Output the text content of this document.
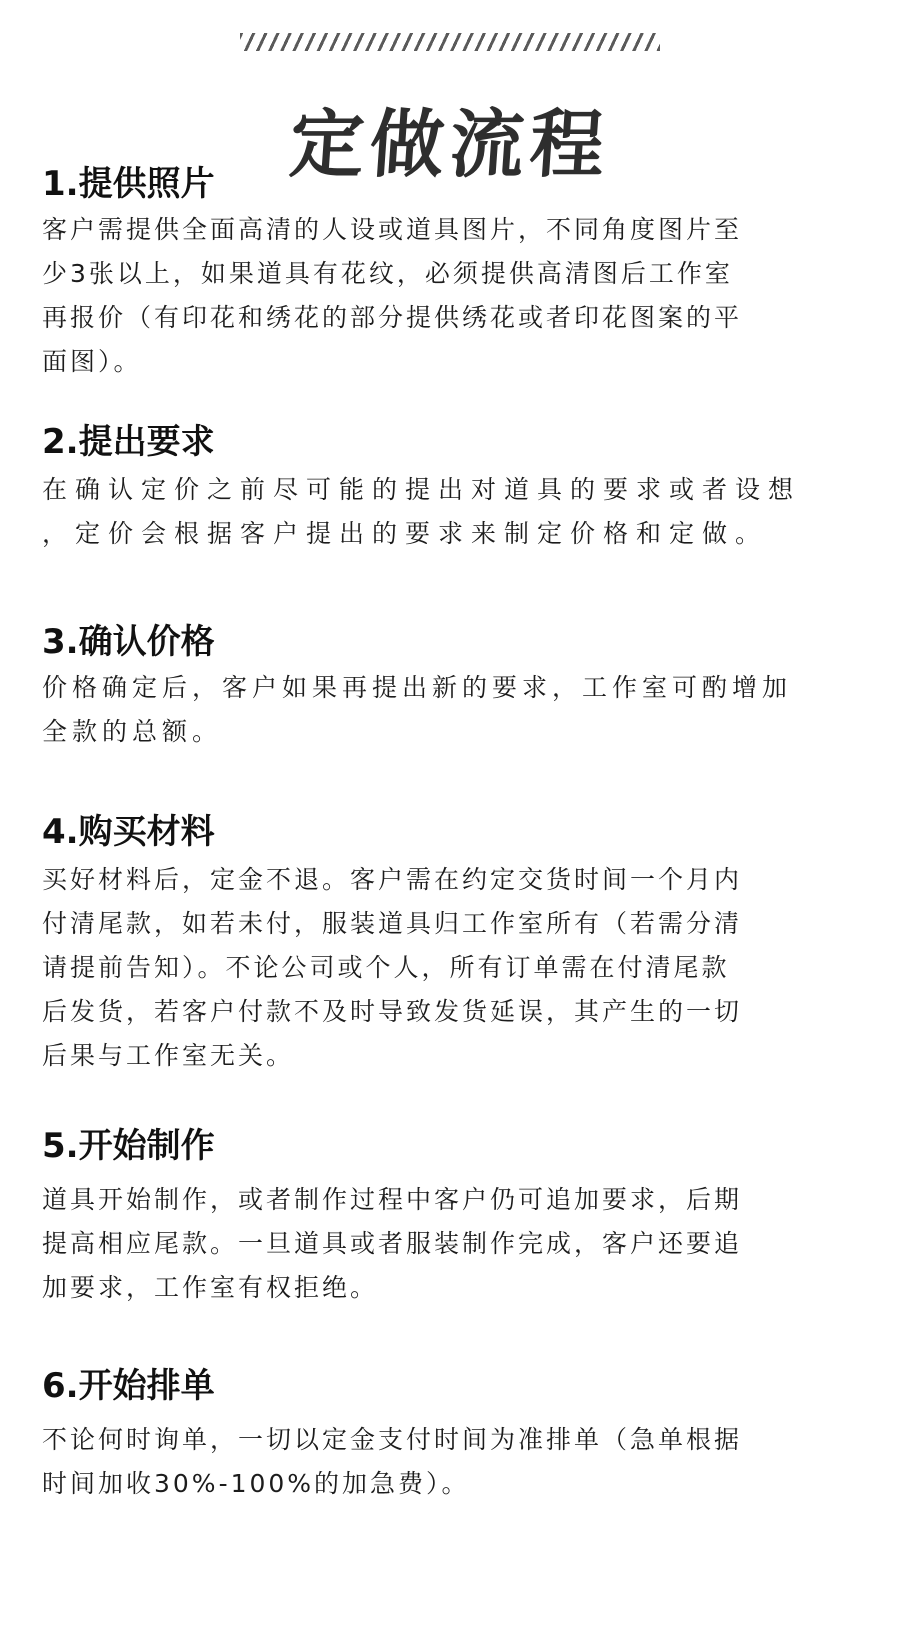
定做流程
1.提供照片

客户需提供全面高清的人设或道具图片，不同角度图片至
少3张以上，如果道具有花纹，必须提供高清图后工作室
再报价（有印花和绣花的部分提供绣花或者印花图案的平
面图）。

2.提出要求

在确认定价之前尽可能的提出对道具的要求或者设想
，定价会根据客户提出的要求来制定价格和定做。

3.确认价格

价格确定后，客户如果再提出新的要求，工作室可酌增加
全款的总额。

4.购买材料

买好材料后，定金不退。客户需在约定交货时间一个月内
付清尾款，如若未付，服装道具归工作室所有（若需分清
请提前告知）。不论公司或个人，所有订单需在付清尾款
后发货，若客户付款不及时导致发货延误，其产生的一切
后果与工作室无关。

5.开始制作

道具开始制作，或者制作过程中客户仍可追加要求，后期
提高相应尾款。一旦道具或者服装制作完成，客户还要追
加要求，工作室有权拒绝。

6.开始排单

不论何时询单，一切以定金支付时间为准排单（急单根据
时间加收30%-100%的加急费）。
